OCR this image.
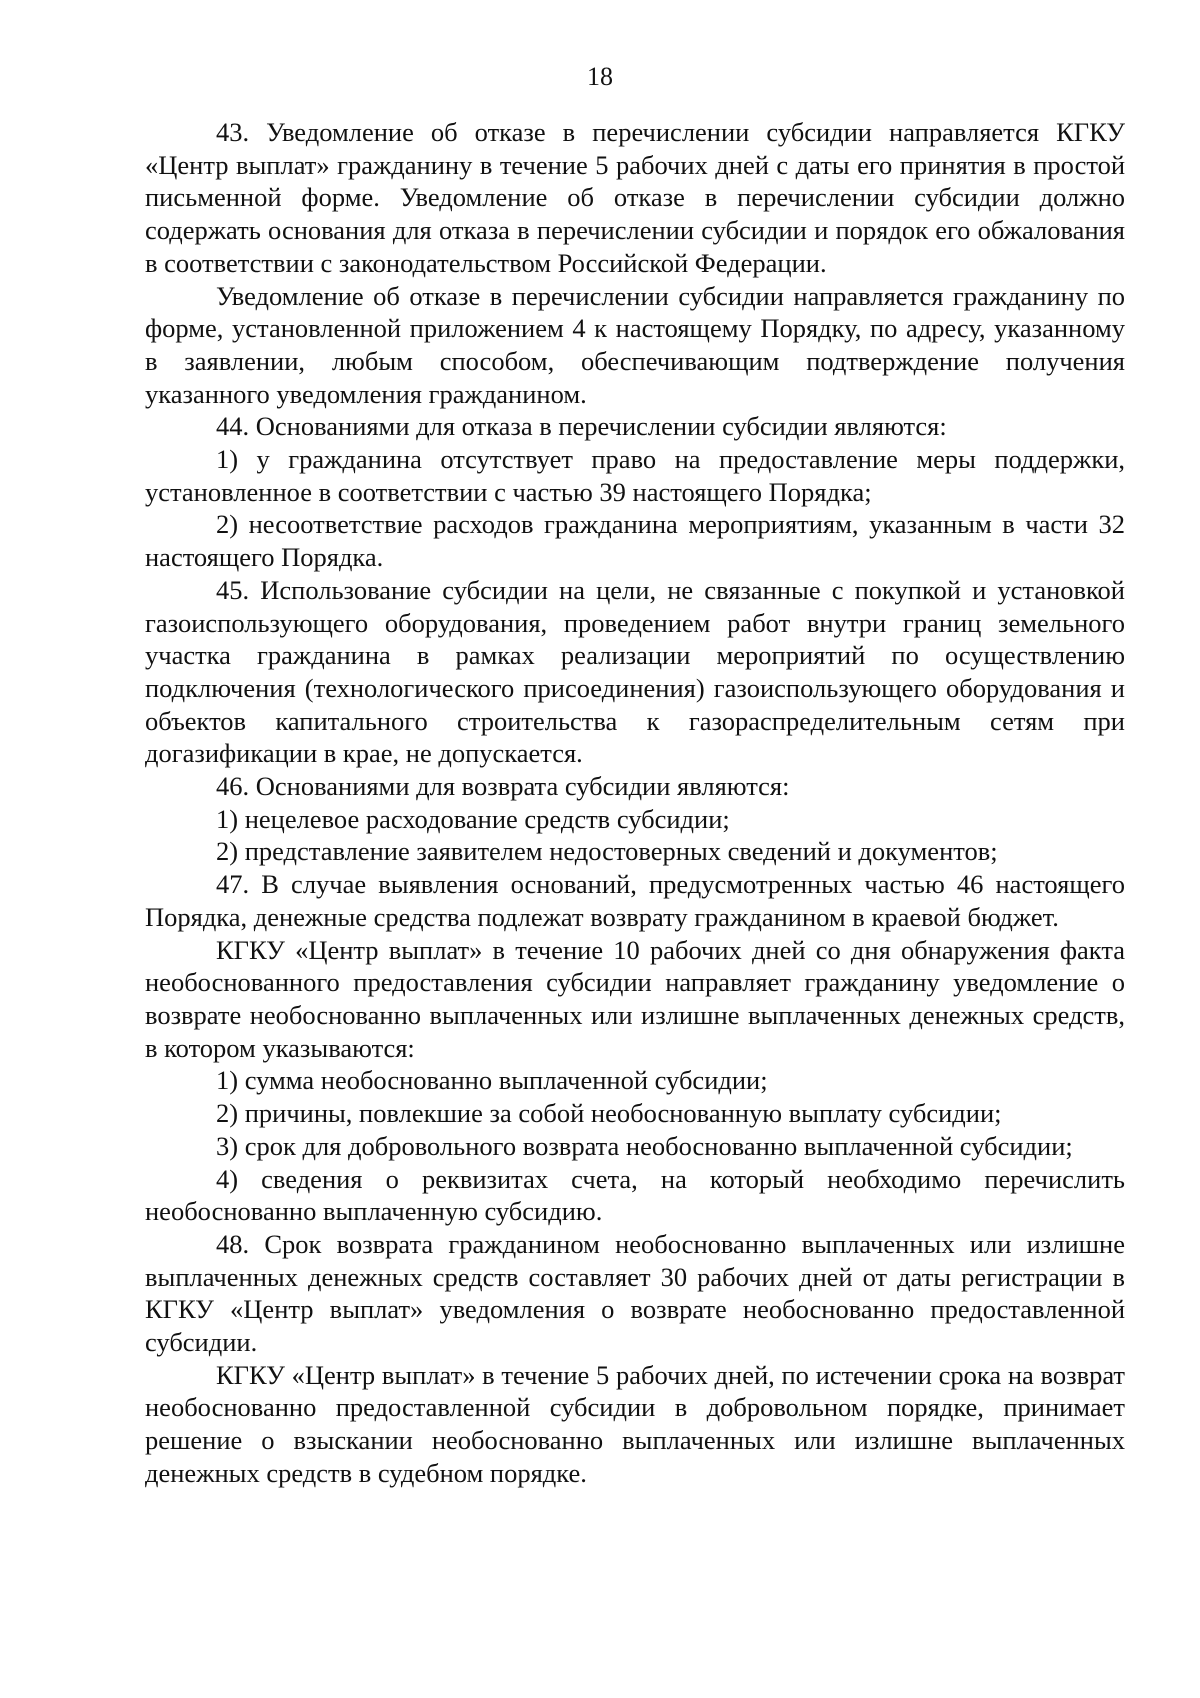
18

43. Уведомление об отказе в перечислении субсидии направляется КГКУ «Центр выплат» гражданину в течение 5 рабочих дней с даты его принятия в простой письменной форме. Уведомление об отказе в перечислении субсидии должно содержать основания для отказа в перечислении субсидии и порядок его обжалования в соответствии с законодательством Российской Федерации.

Уведомление об отказе в перечислении субсидии направляется гражданину по форме, установленной приложением 4 к настоящему Порядку, по адресу, указанному в заявлении, любым способом, обеспечивающим подтверждение получения указанного уведомления гражданином.

44. Основаниями для отказа в перечислении субсидии являются:

1) у гражданина отсутствует право на предоставление меры поддержки, установленное в соответствии с частью 39 настоящего Порядка;

2) несоответствие расходов гражданина мероприятиям, указанным в части 32 настоящего Порядка.

45. Использование субсидии на цели, не связанные с покупкой и установкой газоиспользующего оборудования, проведением работ внутри границ земельного участка гражданина в рамках реализации мероприятий по осуществлению подключения (технологического присоединения) газоиспользующего оборудования и объектов капитального строительства к газораспределительным сетям при догазификации в крае, не допускается.

46. Основаниями для возврата субсидии являются:

1) нецелевое расходование средств субсидии;

2) представление заявителем недостоверных сведений и документов;

47. В случае выявления оснований, предусмотренных частью 46 настоящего Порядка, денежные средства подлежат возврату гражданином в краевой бюджет.

КГКУ «Центр выплат» в течение 10 рабочих дней со дня обнаружения факта необоснованного предоставления субсидии направляет гражданину уведомление о возврате необоснованно выплаченных или излишне выплаченных денежных средств, в котором указываются:

1) сумма необоснованно выплаченной субсидии;

2) причины, повлекшие за собой необоснованную выплату субсидии;

3) срок для добровольного возврата необоснованно выплаченной субсидии;

4) сведения о реквизитах счета, на который необходимо перечислить необоснованно выплаченную субсидию.

48. Срок возврата гражданином необоснованно выплаченных или излишне выплаченных денежных средств составляет 30 рабочих дней от даты регистрации в КГКУ «Центр выплат» уведомления о возврате необоснованно предоставленной субсидии.

КГКУ «Центр выплат» в течение 5 рабочих дней, по истечении срока на возврат необоснованно предоставленной субсидии в добровольном порядке, принимает решение о взыскании необоснованно выплаченных или излишне выплаченных денежных средств в судебном порядке.
